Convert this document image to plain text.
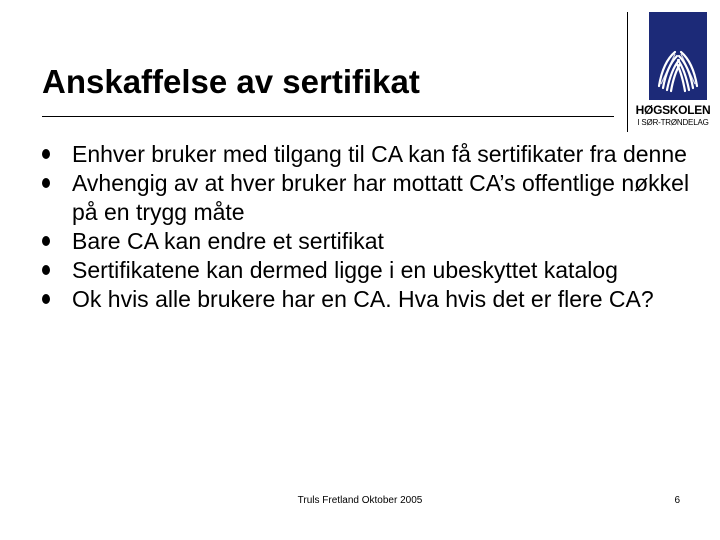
Anskaffelse av sertifikat
HØGSKOLEN
I SØR-TRØNDELAG
Enhver bruker med tilgang til CA kan få sertifikater fra denne
Avhengig av at hver bruker har mottatt CA’s offentlige nøkkel på en trygg måte
Bare CA kan endre et sertifikat
Sertifikatene kan dermed ligge i en ubeskyttet katalog
Ok hvis alle brukere har en CA. Hva hvis det er flere CA?
Truls Fretland Oktober 2005	6
